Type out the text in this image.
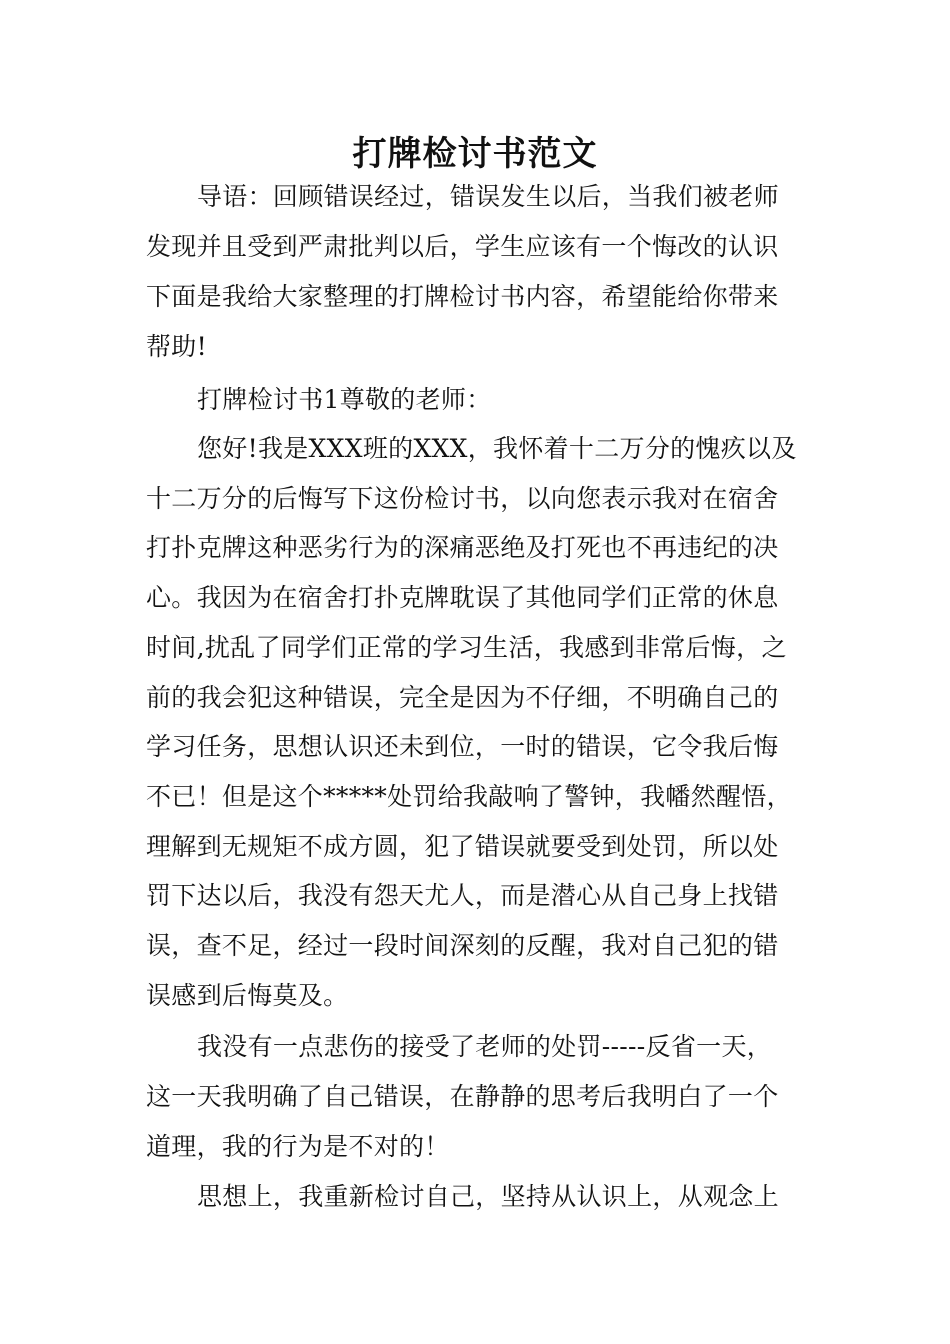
打牌检讨书范文
导语：回顾错误经过，错误发生以后，当我们被老师
发现并且受到严肃批判以后，学生应该有一个悔改的认识
下面是我给大家整理的打牌检讨书内容，希望能给你带来
帮助!
打牌检讨书1尊敬的老师：
您好!我是XXX班的XXX，我怀着十二万分的愧疚以及
十二万分的后悔写下这份检讨书，以向您表示我对在宿舍
打扑克牌这种恶劣行为的深痛恶绝及打死也不再违纪的决
心。我因为在宿舍打扑克牌耽误了其他同学们正常的休息
时间,扰乱了同学们正常的学习生活，我感到非常后悔，之
前的我会犯这种错误，完全是因为不仔细，不明确自己的
学习任务，思想认识还未到位，一时的错误，它令我后悔
不已！但是这个*****处罚给我敲响了警钟，我幡然醒悟，
理解到无规矩不成方圆，犯了错误就要受到处罚，所以处
罚下达以后，我没有怨天尤人，而是潜心从自己身上找错
误，查不足，经过一段时间深刻的反醒，我对自己犯的错
误感到后悔莫及。
我没有一点悲伤的接受了老师的处罚-----反省一天，
这一天我明确了自己错误，在静静的思考后我明白了一个
道理，我的行为是不对的！
思想上，我重新检讨自己，坚持从认识上，从观念上
